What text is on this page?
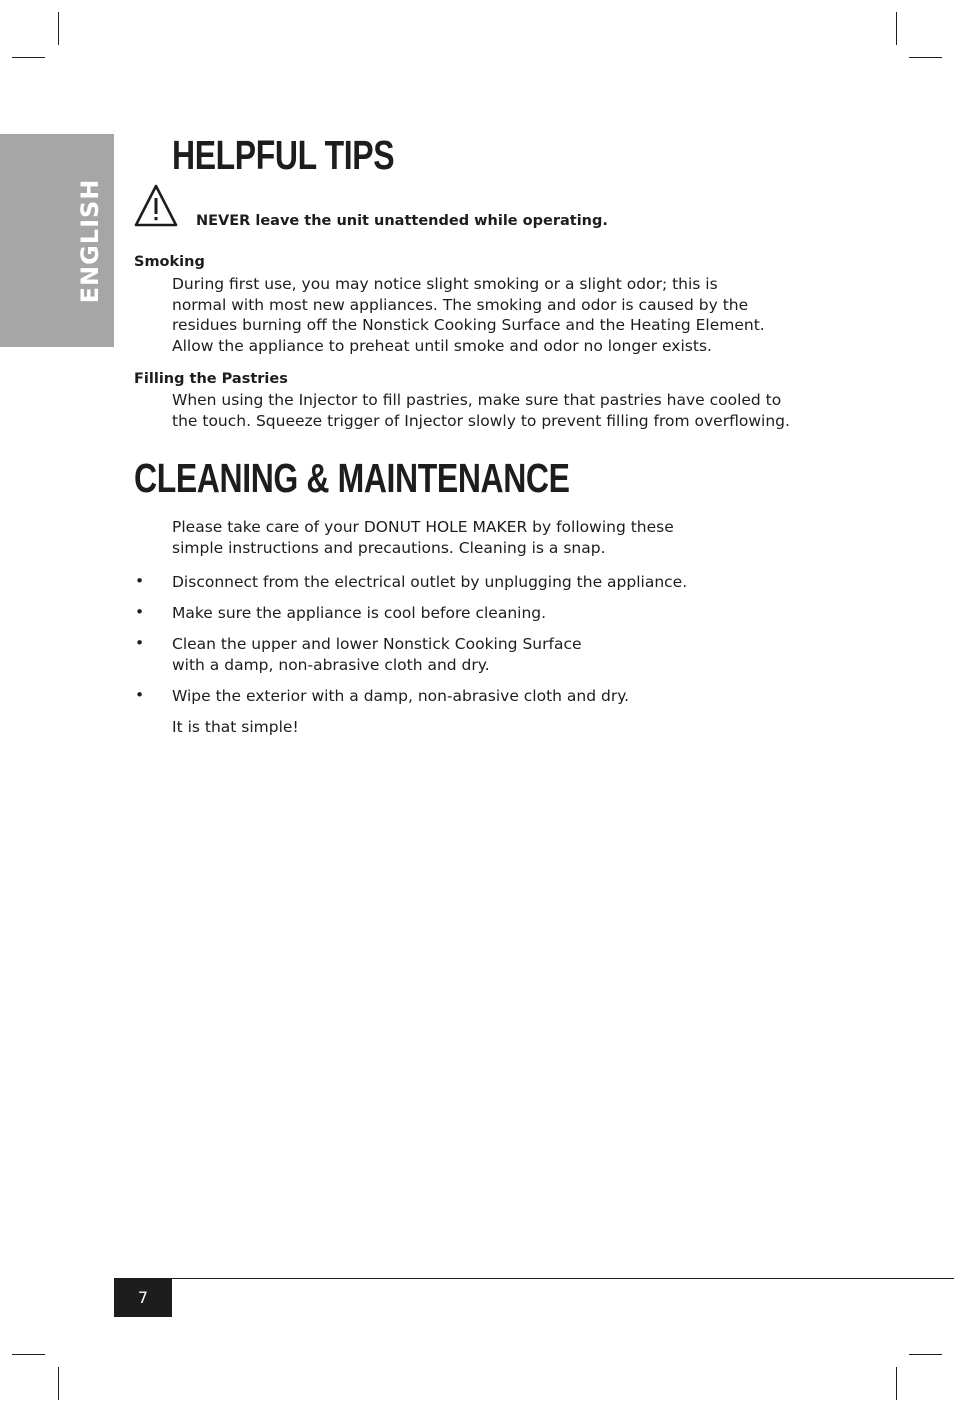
ENGLISH
HELPFUL TIPS
NEVER leave the unit unattended while operating.
Smoking
During first use, you may notice slight smoking or a slight odor; this is
normal with most new appliances. The smoking and odor is caused by the
residues burning off the Nonstick Cooking Surface and the Heating Element.
Allow the appliance to preheat until smoke and odor no longer exists.
Filling the Pastries
When using the Injector to fill pastries, make sure that pastries have cooled to
the touch. Squeeze trigger of Injector slowly to prevent filling from overflowing.
CLEANING & MAINTENANCE
Please take care of your DONUT HOLE MAKER by following these
simple instructions and precautions. Cleaning is a snap.
• Disconnect from the electrical outlet by unplugging the appliance.
• Make sure the appliance is cool before cleaning.
• Clean the upper and lower Nonstick Cooking Surface
with a damp, non-abrasive cloth and dry.
• Wipe the exterior with a damp, non-abrasive cloth and dry.
It is that simple!
7
